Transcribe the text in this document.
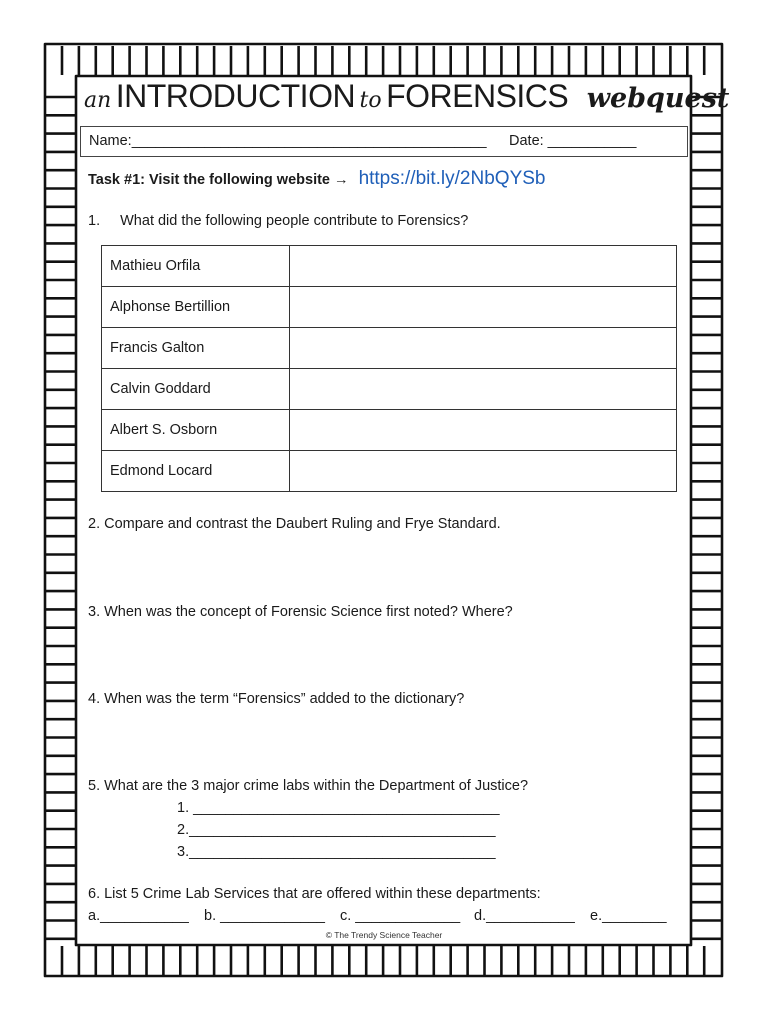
an INTRODUCTION to FORENSICS webquest
Name:____________________________________________ Date: ___________
Task #1: Visit the following website → https://bit.ly/2NbQYSb
1. What did the following people contribute to Forensics?
Mathieu Orfila	
Alphonse Bertillion	
Francis Galton	
Calvin Goddard	
Albert S. Osborn	
Edmond Locard	
2. Compare and contrast the Daubert Ruling and Frye Standard.
3. When was the concept of Forensic Science first noted? Where?
4. When was the term “Forensics” added to the dictionary?
5. What are the 3 major crime labs within the Department of Justice?
1. ______________________________________
2.______________________________________
3.______________________________________
6. List 5 Crime Lab Services that are offered within these departments:
a.___________ b. _____________ c. _____________ d.___________ e.________
© The Trendy Science Teacher
